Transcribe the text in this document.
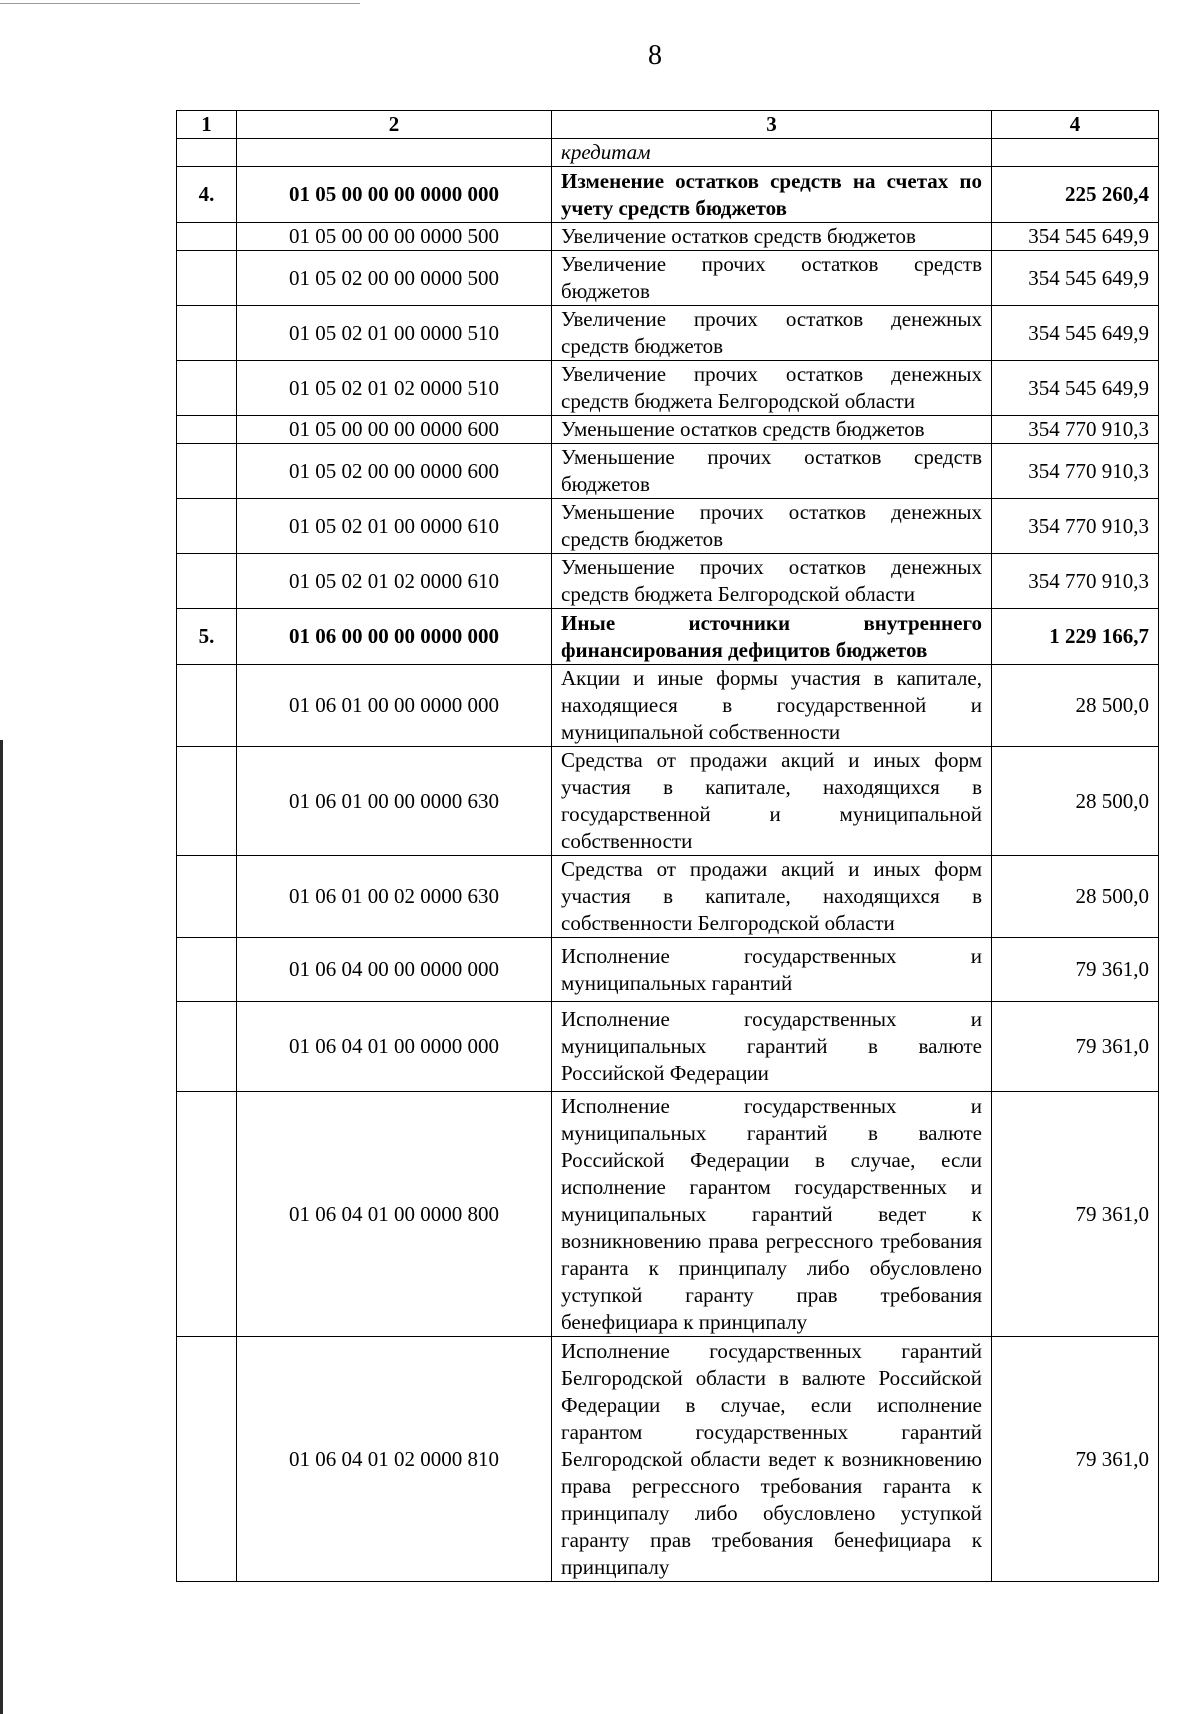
8
1	2	3	4
		кредитам	
4.	01 05 00 00 00 0000 000	Изменение остатков средств на счетах по учету средств бюджетов	225 260,4
	01 05 00 00 00 0000 500	Увеличение остатков средств бюджетов	354 545 649,9
	01 05 02 00 00 0000 500	Увеличение прочих остатков средств бюджетов	354 545 649,9
	01 05 02 01 00 0000 510	Увеличение прочих остатков денежных средств бюджетов	354 545 649,9
	01 05 02 01 02 0000 510	Увеличение прочих остатков денежных средств бюджета Белгородской области	354 545 649,9
	01 05 00 00 00 0000 600	Уменьшение остатков средств бюджетов	354 770 910,3
	01 05 02 00 00 0000 600	Уменьшение прочих остатков средств бюджетов	354 770 910,3
	01 05 02 01 00 0000 610	Уменьшение прочих остатков денежных средств бюджетов	354 770 910,3
	01 05 02 01 02 0000 610	Уменьшение прочих остатков денежных средств бюджета Белгородской области	354 770 910,3
5.	01 06 00 00 00 0000 000	Иные источники внутреннего финансирования дефицитов бюджетов	1 229 166,7
	01 06 01 00 00 0000 000	Акции и иные формы участия в капитале, находящиеся в государственной и муниципальной собственности	28 500,0
	01 06 01 00 00 0000 630	Средства от продажи акций и иных форм участия в капитале, находящихся в государственной и муниципальной собственности	28 500,0
	01 06 01 00 02 0000 630	Средства от продажи акций и иных форм участия в капитале, находящихся в собственности Белгородской области	28 500,0
	01 06 04 00 00 0000 000	Исполнение государственных и муниципальных гарантий	79 361,0
	01 06 04 01 00 0000 000	Исполнение государственных и муниципальных гарантий в валюте Российской Федерации	79 361,0
	01 06 04 01 00 0000 800	Исполнение государственных и муниципальных гарантий в валюте Российской Федерации в случае, если исполнение гарантом государственных и муниципальных гарантий ведет к возникновению права регрессного требования гаранта к принципалу либо обусловлено уступкой гаранту прав требования бенефициара к принципалу	79 361,0
	01 06 04 01 02 0000 810	Исполнение государственных гарантий Белгородской области в валюте Российской Федерации в случае, если исполнение гарантом государственных гарантий Белгородской области ведет к возникновению права регрессного требования гаранта к принципалу либо обусловлено уступкой гаранту прав требования бенефициара к принципалу	79 361,0
